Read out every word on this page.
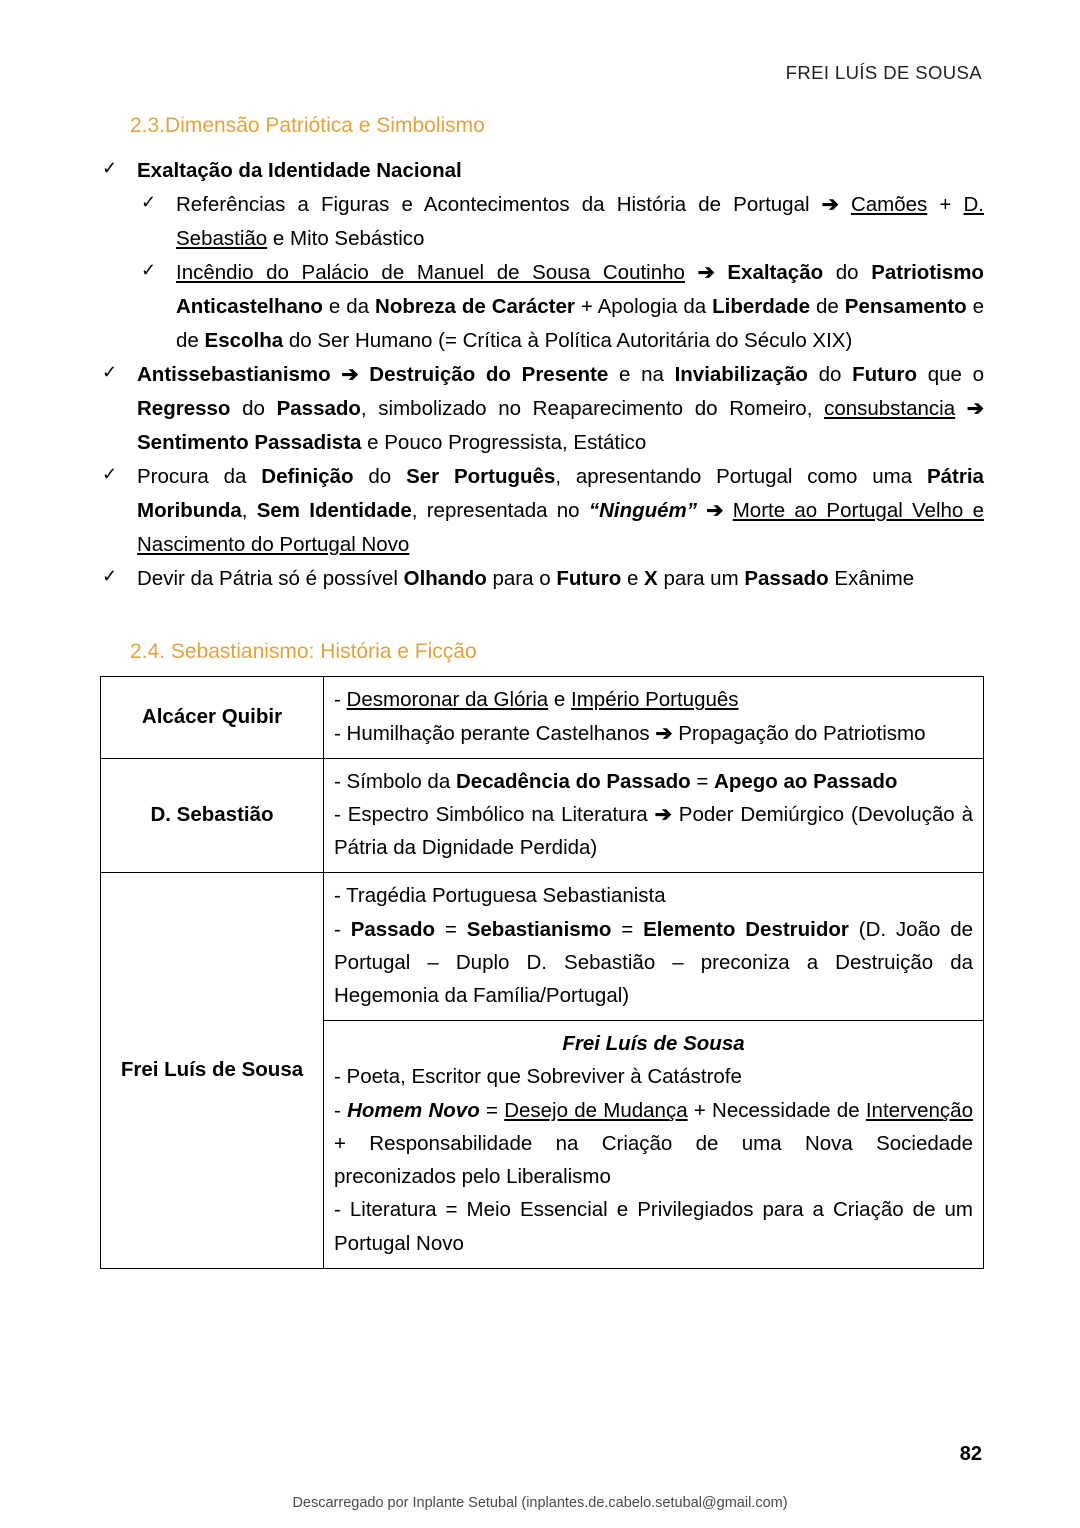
FREI LUÍS DE SOUSA
2.3.Dimensão Patriótica e Simbolismo
✓ Exaltação da Identidade Nacional
✓ Referências a Figuras e Acontecimentos da História de Portugal ➔ Camões + D. Sebastião e Mito Sebástico
✓ Incêndio do Palácio de Manuel de Sousa Coutinho ➔ Exaltação do Patriotismo Anticastelhano e da Nobreza de Carácter + Apologia da Liberdade de Pensamento e de Escolha do Ser Humano (= Crítica à Política Autoritária do Século XIX)
✓ Antissebastianismo ➔ Destruição do Presente e na Inviabilização do Futuro que o Regresso do Passado, simbolizado no Reaparecimento do Romeiro, consubstancia ➔ Sentimento Passadista e Pouco Progressista, Estático
✓ Procura da Definição do Ser Português, apresentando Portugal como uma Pátria Moribunda, Sem Identidade, representada no “Ninguém” ➔ Morte ao Portugal Velho e Nascimento do Portugal Novo
✓ Devir da Pátria só é possível Olhando para o Futuro e X para um Passado Exânime
2.4. Sebastianismo: História e Ficção
Alcácer Quibir	- Desmoronar da Glória e Império Português

- Humilhação perante Castelhanos ➔ Propagação do Patriotismo

D. Sebastião	- Símbolo da Decadência do Passado = Apego ao Passado

- Espectro Simbólico na Literatura ➔ Poder Demiúrgico (Devolução à Pátria da Dignidade Perdida)

Frei Luís de Sousa	- Tragédia Portuguesa Sebastianista

- Passado = Sebastianismo = Elemento Destruidor (D. João de Portugal – Duplo D. Sebastião – preconiza a Destruição da Hegemonia da Família/Portugal)

	Frei Luís de Sousa

- Poeta, Escritor que Sobreviver à Catástrofe

- Homem Novo = Desejo de Mudança + Necessidade de Intervenção + Responsabilidade na Criação de uma Nova Sociedade preconizados pelo Liberalismo

- Literatura = Meio Essencial e Privilegiados para a Criação de um Portugal Novo

82
Descarregado por Inplante Setubal (inplantes.de.cabelo.setubal@gmail.com)
